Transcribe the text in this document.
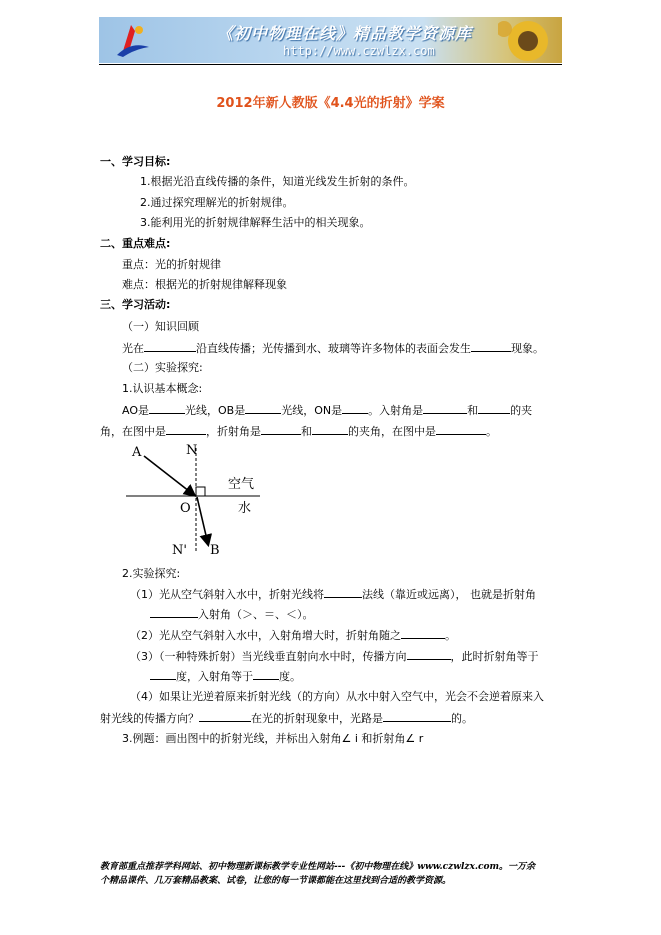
《初中物理在线》精品教学资源库
http://www.czwlzx.com
2012年新人教版《4.4光的折射》学案
一、学习目标:
1.根据光沿直线传播的条件，知道光线发生折射的条件。
2.通过探究理解光的折射规律。
3.能利用光的折射规律解释生活中的相关现象。
二、重点难点:
重点：光的折射规律
难点：根据光的折射规律解释现象
三、学习活动:
（一）知识回顾
光在	沿直线传播；光传播到水、玻璃等许多物体的表面会发生	现象。
（二）实验探究:
1.认识基本概念:
AO是	光线，OB是	光线，ON是 。入射角是	和	的夹
角，在图中是	，折射角是	和	的夹角，在图中是	。
A	N
空气
O	水
N' B
2.实验探究:
（1）光从空气斜射入水中，折射光线将	法线（靠近或远离）， 也就是折射角
入射角（＞、＝、＜）。
（2）光从空气斜射入水中，入射角增大时，折射角随之	。
（3）（一种特殊折射）当光线垂直射向水中时，传播方向	，此时折射角等于
度，入射角等于 度。
（4）如果让光逆着原来折射光线（的方向）从水中射入空气中，光会不会逆着原来入
射光线的传播方向？	在光的折射现象中，光路是	的。
3.例题：画出图中的折射光线，并标出入射角∠ i 和折射角∠ r
教育部重点推荐学科网站、初中物理新课标教学专业性网站---《初中物理在线》www.czwlzx.com。一万余
个精品课件、几万套精品教案、试卷，让您的每一节课都能在这里找到合适的教学资源。
